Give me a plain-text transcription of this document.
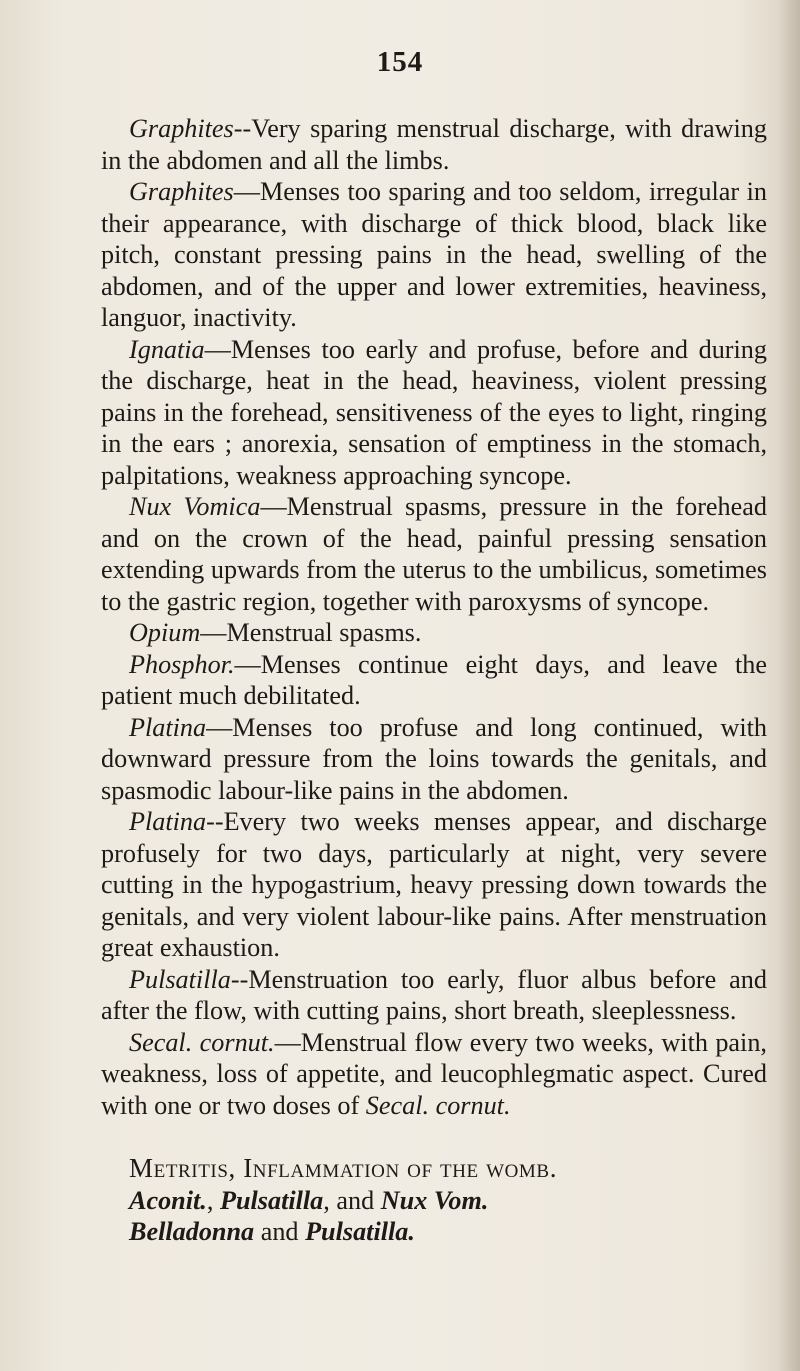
154

Graphites--Very sparing menstrual discharge, with drawing in the abdomen and all the limbs.

Graphites—Menses too sparing and too seldom, irregular in their appearance, with discharge of thick blood, black like pitch, constant pressing pains in the head, swelling of the abdomen, and of the upper and lower extremities, heaviness, languor, inactivity.

Ignatia—Menses too early and profuse, before and during the discharge, heat in the head, heaviness, violent pressing pains in the forehead, sensitiveness of the eyes to light, ringing in the ears ; anorexia, sensation of emptiness in the stomach, palpitations, weakness approaching syncope.

Nux Vomica—Menstrual spasms, pressure in the forehead and on the crown of the head, painful pressing sensation extending upwards from the uterus to the umbilicus, sometimes to the gastric region, together with paroxysms of syncope.

Opium—Menstrual spasms.

Phosphor.—Menses continue eight days, and leave the patient much debilitated.

Platina—Menses too profuse and long continued, with downward pressure from the loins towards the genitals, and spasmodic labour-like pains in the abdomen.

Platina--Every two weeks menses appear, and discharge profusely for two days, particularly at night, very severe cutting in the hypogastrium, heavy pressing down towards the genitals, and very violent labour-like pains. After menstruation great exhaustion.

Pulsatilla--Menstruation too early, fluor albus before and after the flow, with cutting pains, short breath, sleeplessness.

Secal. cornut.—Menstrual flow every two weeks, with pain, weakness, loss of appetite, and leucophlegmatic aspect. Cured with one or two doses of Secal. cornut.

Metritis, Inflammation of the womb.

Aconit., Pulsatilla, and Nux Vom.

Belladonna and Pulsatilla.
